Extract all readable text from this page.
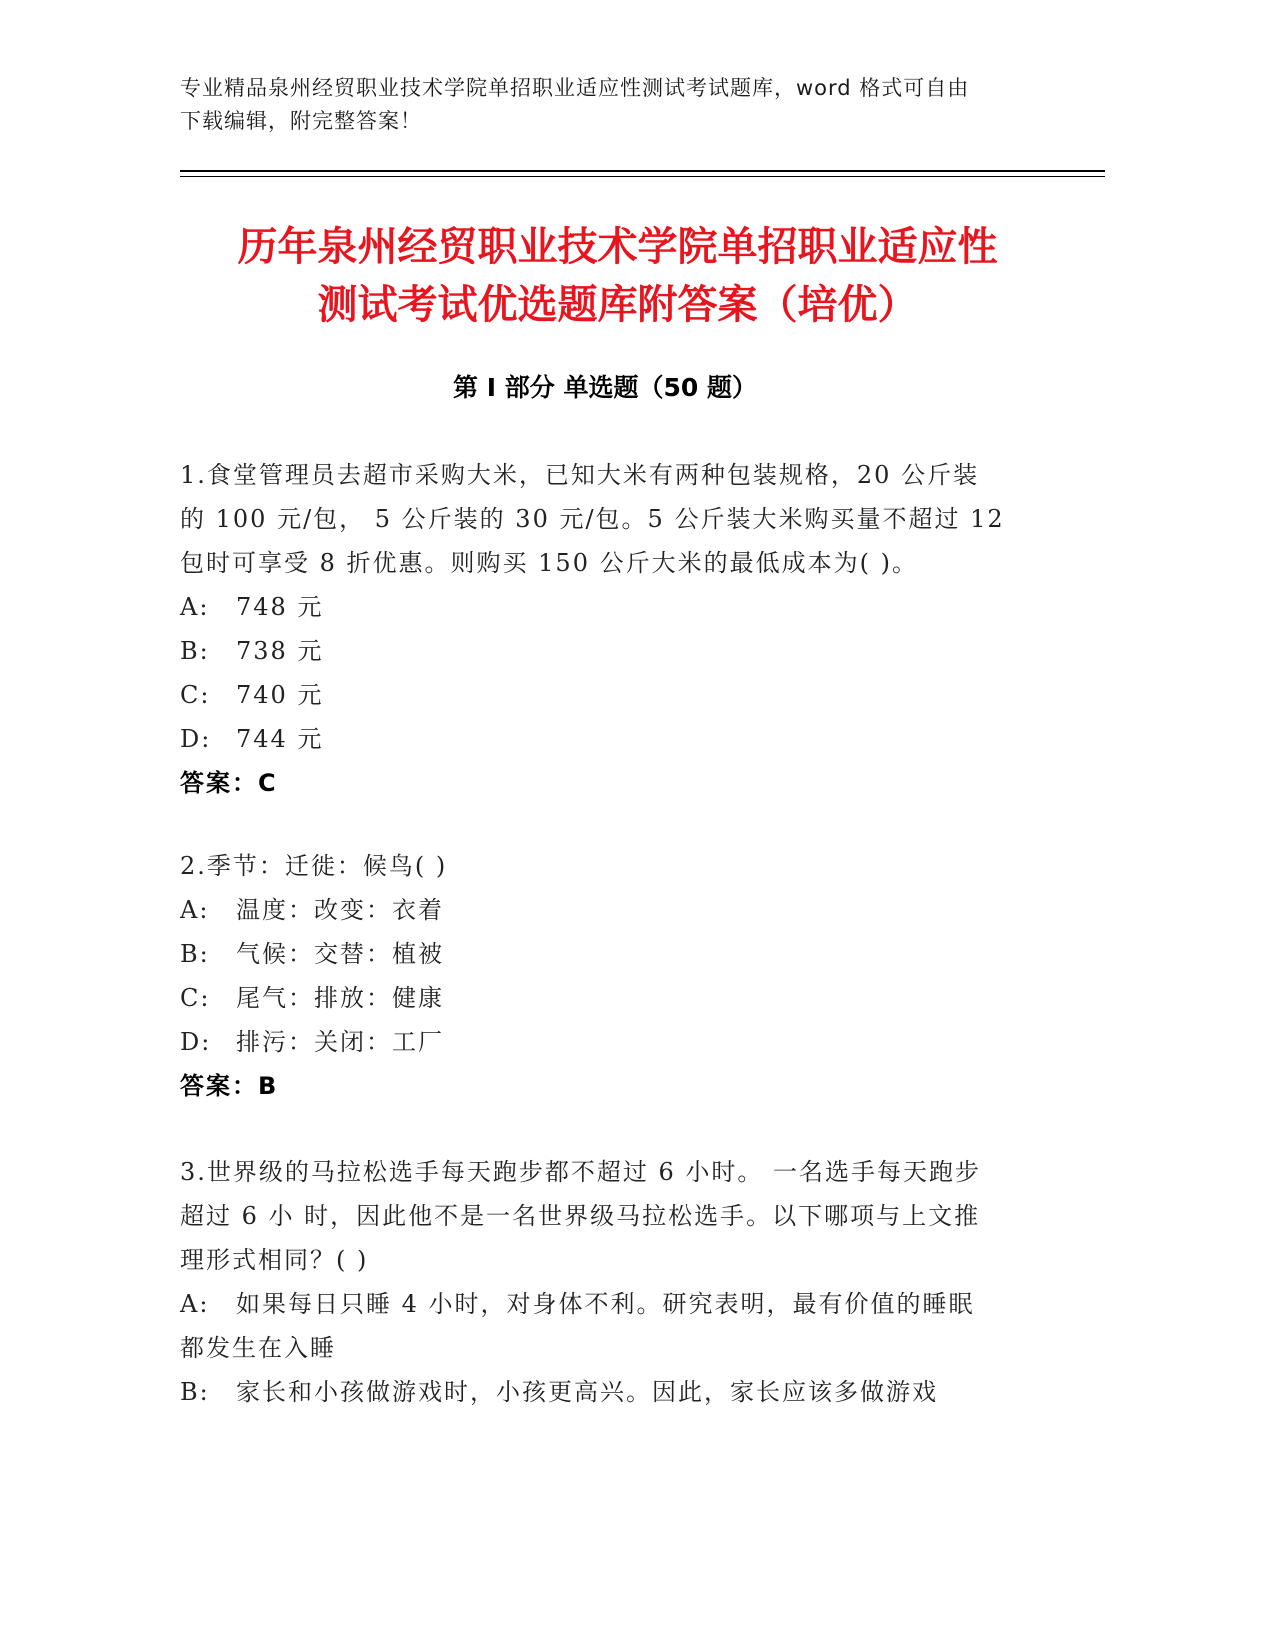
专业精品泉州经贸职业技术学院单招职业适应性测试考试题库，word 格式可自由
下载编辑，附完整答案！
历年泉州经贸职业技术学院单招职业适应性
测试考试优选题库附答案（培优）
第 I 部分 单选题（50 题）
1.食堂管理员去超市采购大米，已知大米有两种包装规格，20 公斤装
的 100 元/包， 5 公斤装的 30 元/包。5 公斤装大米购买量不超过 12
包时可享受 8 折优惠。则购买 150 公斤大米的最低成本为( )。
A:	748 元
B:	738 元
C:	740 元
D:	744 元
答案：C
2.季节：迁徙：候鸟( )
A:	温度：改变：衣着
B:	气候：交替：植被
C:	尾气：排放：健康
D:	排污：关闭：工厂
答案：B
3.世界级的马拉松选手每天跑步都不超过 6 小时。 一名选手每天跑步
超过 6 小 时，因此他不是一名世界级马拉松选手。以下哪项与上文推
理形式相同？( )
A:	如果每日只睡 4 小时，对身体不利。研究表明，最有价值的睡眠
都发生在入睡
B:	家长和小孩做游戏时，小孩更高兴。因此，家长应该多做游戏
